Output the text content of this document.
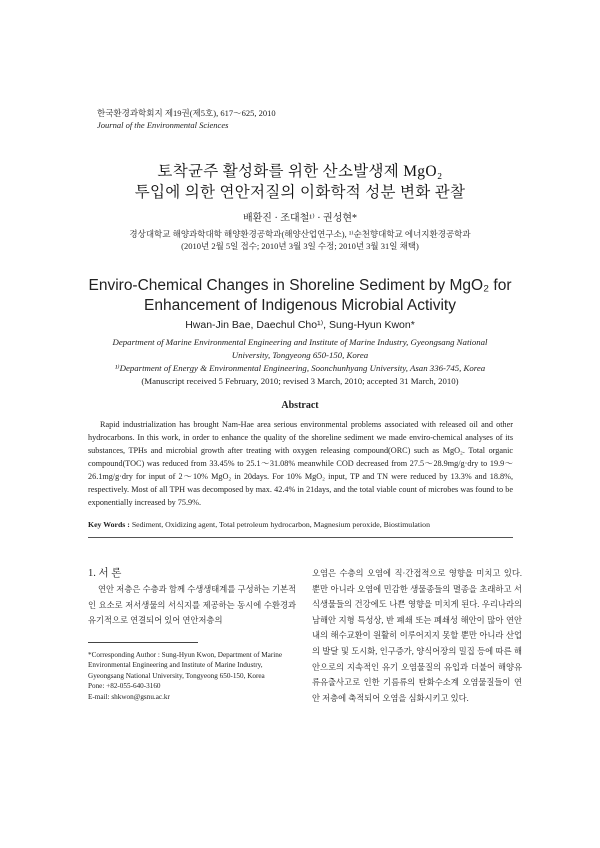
한국환경과학회지 제19권(제5호), 617～625, 2010
Journal of the Environmental Sciences
토착균주 활성화를 위한 산소발생제 MgO₂
투입에 의한 연안저질의 이화학적 성분 변화 관찰
배환진 · 조대철¹⁾ · 권성현*
경상대학교 해양과학대학 해양환경공학과(해양산업연구소), ¹⁾순천향대학교 에너지환경공학과
(2010년 2월 5일 접수; 2010년 3월 3일 수정; 2010년 3월 31일 채택)
Enviro-Chemical Changes in Shoreline Sediment by MgO₂ for
Enhancement of Indigenous Microbial Activity
Hwan-Jin Bae, Daechul Cho¹⁾, Sung-Hyun Kwon*
Department of Marine Environmental Engineering and Institute of Marine Industry, Gyeongsang National
University, Tongyeong 650-150, Korea
¹⁾Department of Energy & Environmental Engineering, Soonchunhyang University, Asan 336-745, Korea
(Manuscript received 5 February, 2010; revised 3 March, 2010; accepted 31 March, 2010)
Abstract
Rapid industrialization has brought Nam-Hae area serious environmental problems associated with released oil and other hydrocarbons. In this work, in order to enhance the quality of the shoreline sediment we made enviro-chemical analyses of its substances, TPHs and microbial growth after treating with oxygen releasing compound(ORC) such as MgO₂. Total organic compound(TOC) was reduced from 33.45% to 25.1～31.08% meanwhile COD decreased from 27.5～28.9mg/g·dry to 19.9～26.1mg/g·dry for input of 2～10% MgO₂ in 20days. For 10% MgO₂ input, TP and TN were reduced by 13.3% and 18.8%, respectively. Most of all TPH was decomposed by max. 42.4% in 21days, and the total viable count of microbes was found to be exponentially increased by 75.9%.
Key Words : Sediment, Oxidizing agent, Total petroleum hydrocarbon, Magnesium peroxide, Biostimulation
1. 서 론
연안 저층은 수층과 함께 수생생태계를 구성하는 기본적인 요소로 저서생물의 서식지를 제공하는 동시에 수환경과 유기적으로 연결되어 있어 연안저층의
*Corresponding Author : Sung-Hyun Kwon, Department of Marine Environmental Engineering and Institute of Marine Industry, Gyeongsang National University, Tongyeong 650-150, Korea
Pone: +82-055-640-3160
E-mail: shkwon@gsnu.ac.kr
오염은 수층의 오염에 직·간접적으로 영향을 미치고 있다. 뿐만 아니라 오염에 민감한 생물종들의 멸종을 초래하고 서식생물들의 건강에도 나쁜 영향을 미치게 된다. 우리나라의 남해안 지형 특성상, 반 폐쇄 또는 폐쇄성 해안이 많아 연안내의 해수교환이 원활히 이루어지지 못할 뿐만 아니라 산업의 발달 및 도시화, 인구증가, 양식어장의 밀집 등에 따른 해안으로의 지속적인 유기 오염물질의 유입과 더불어 해양유류유출사고로 인한 기름류의 탄화수소계 오염물질들이 연안 저층에 축적되어 오염을 심화시키고 있다.
